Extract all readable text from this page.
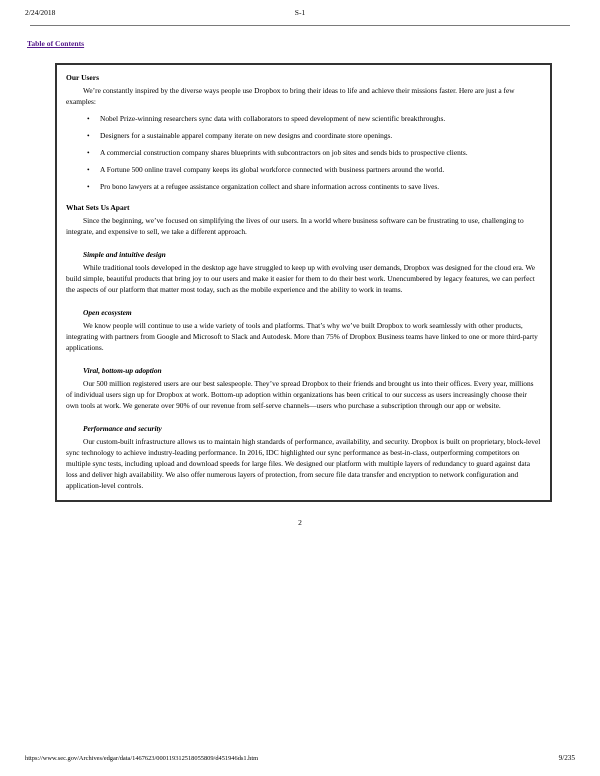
2/24/2018	S-1
Table of Contents
Our Users

We’re constantly inspired by the diverse ways people use Dropbox to bring their ideas to life and achieve their missions faster. Here are just a few examples:

• Nobel Prize-winning researchers sync data with collaborators to speed development of new scientific breakthroughs.
• Designers for a sustainable apparel company iterate on new designs and coordinate store openings.
• A commercial construction company shares blueprints with subcontractors on job sites and sends bids to prospective clients.
• A Fortune 500 online travel company keeps its global workforce connected with business partners around the world.
• Pro bono lawyers at a refugee assistance organization collect and share information across continents to save lives.
What Sets Us Apart

Since the beginning, we’ve focused on simplifying the lives of our users. In a world where business software can be frustrating to use, challenging to integrate, and expensive to sell, we take a different approach.

Simple and intuitive design

While traditional tools developed in the desktop age have struggled to keep up with evolving user demands, Dropbox was designed for the cloud era. We build simple, beautiful products that bring joy to our users and make it easier for them to do their best work. Unencumbered by legacy features, we can perfect the aspects of our platform that matter most today, such as the mobile experience and the ability to work in teams.

Open ecosystem

We know people will continue to use a wide variety of tools and platforms. That’s why we’ve built Dropbox to work seamlessly with other products, integrating with partners from Google and Microsoft to Slack and Autodesk. More than 75% of Dropbox Business teams have linked to one or more third-party applications.

Viral, bottom-up adoption

Our 500 million registered users are our best salespeople. They’ve spread Dropbox to their friends and brought us into their offices. Every year, millions of individual users sign up for Dropbox at work. Bottom-up adoption within organizations has been critical to our success as users increasingly choose their own tools at work. We generate over 90% of our revenue from self-serve channels—users who purchase a subscription through our app or website.

Performance and security

Our custom-built infrastructure allows us to maintain high standards of performance, availability, and security. Dropbox is built on proprietary, block-level sync technology to achieve industry-leading performance. In 2016, IDC highlighted our sync performance as best-in-class, outperforming competitors on multiple sync tests, including upload and download speeds for large files. We designed our platform with multiple layers of redundancy to guard against data loss and deliver high availability. We also offer numerous layers of protection, from secure file data transfer and encryption to network configuration and application-level controls.

2
https://www.sec.gov/Archives/edgar/data/1467623/000119312518055809/d451946ds1.htm	9/235
